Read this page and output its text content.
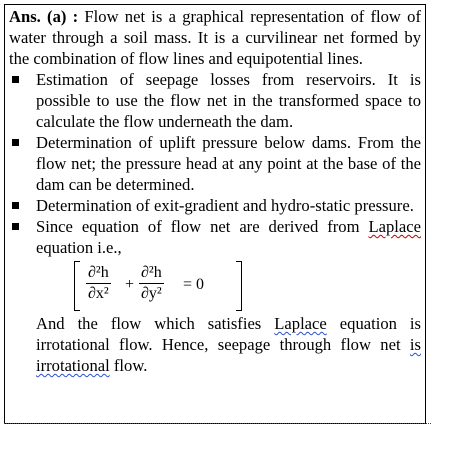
Ans. (a) : Flow net is a graphical representation of flow of water through a soil mass. It is a curvilinear net formed by the combination of flow lines and equipotential lines.

Estimation of seepage losses from reservoirs. It is possible to use the flow net in the transformed space to calculate the flow underneath the dam.
Determination of uplift pressure below dams. From the flow net; the pressure head at any point at the base of the dam can be determined.
Determination of exit-gradient and hydro-static pressure.
Since equation of flow net are derived from Laplace equation i.e.,
$\frac{\text{∂²h}}{\text{∂x²}} + \frac{\text{∂²h}}{\text{∂y²}} = 0$
And the flow which satisfies Laplace equation is irrotational flow. Hence, seepage through flow net is irrotational flow.
